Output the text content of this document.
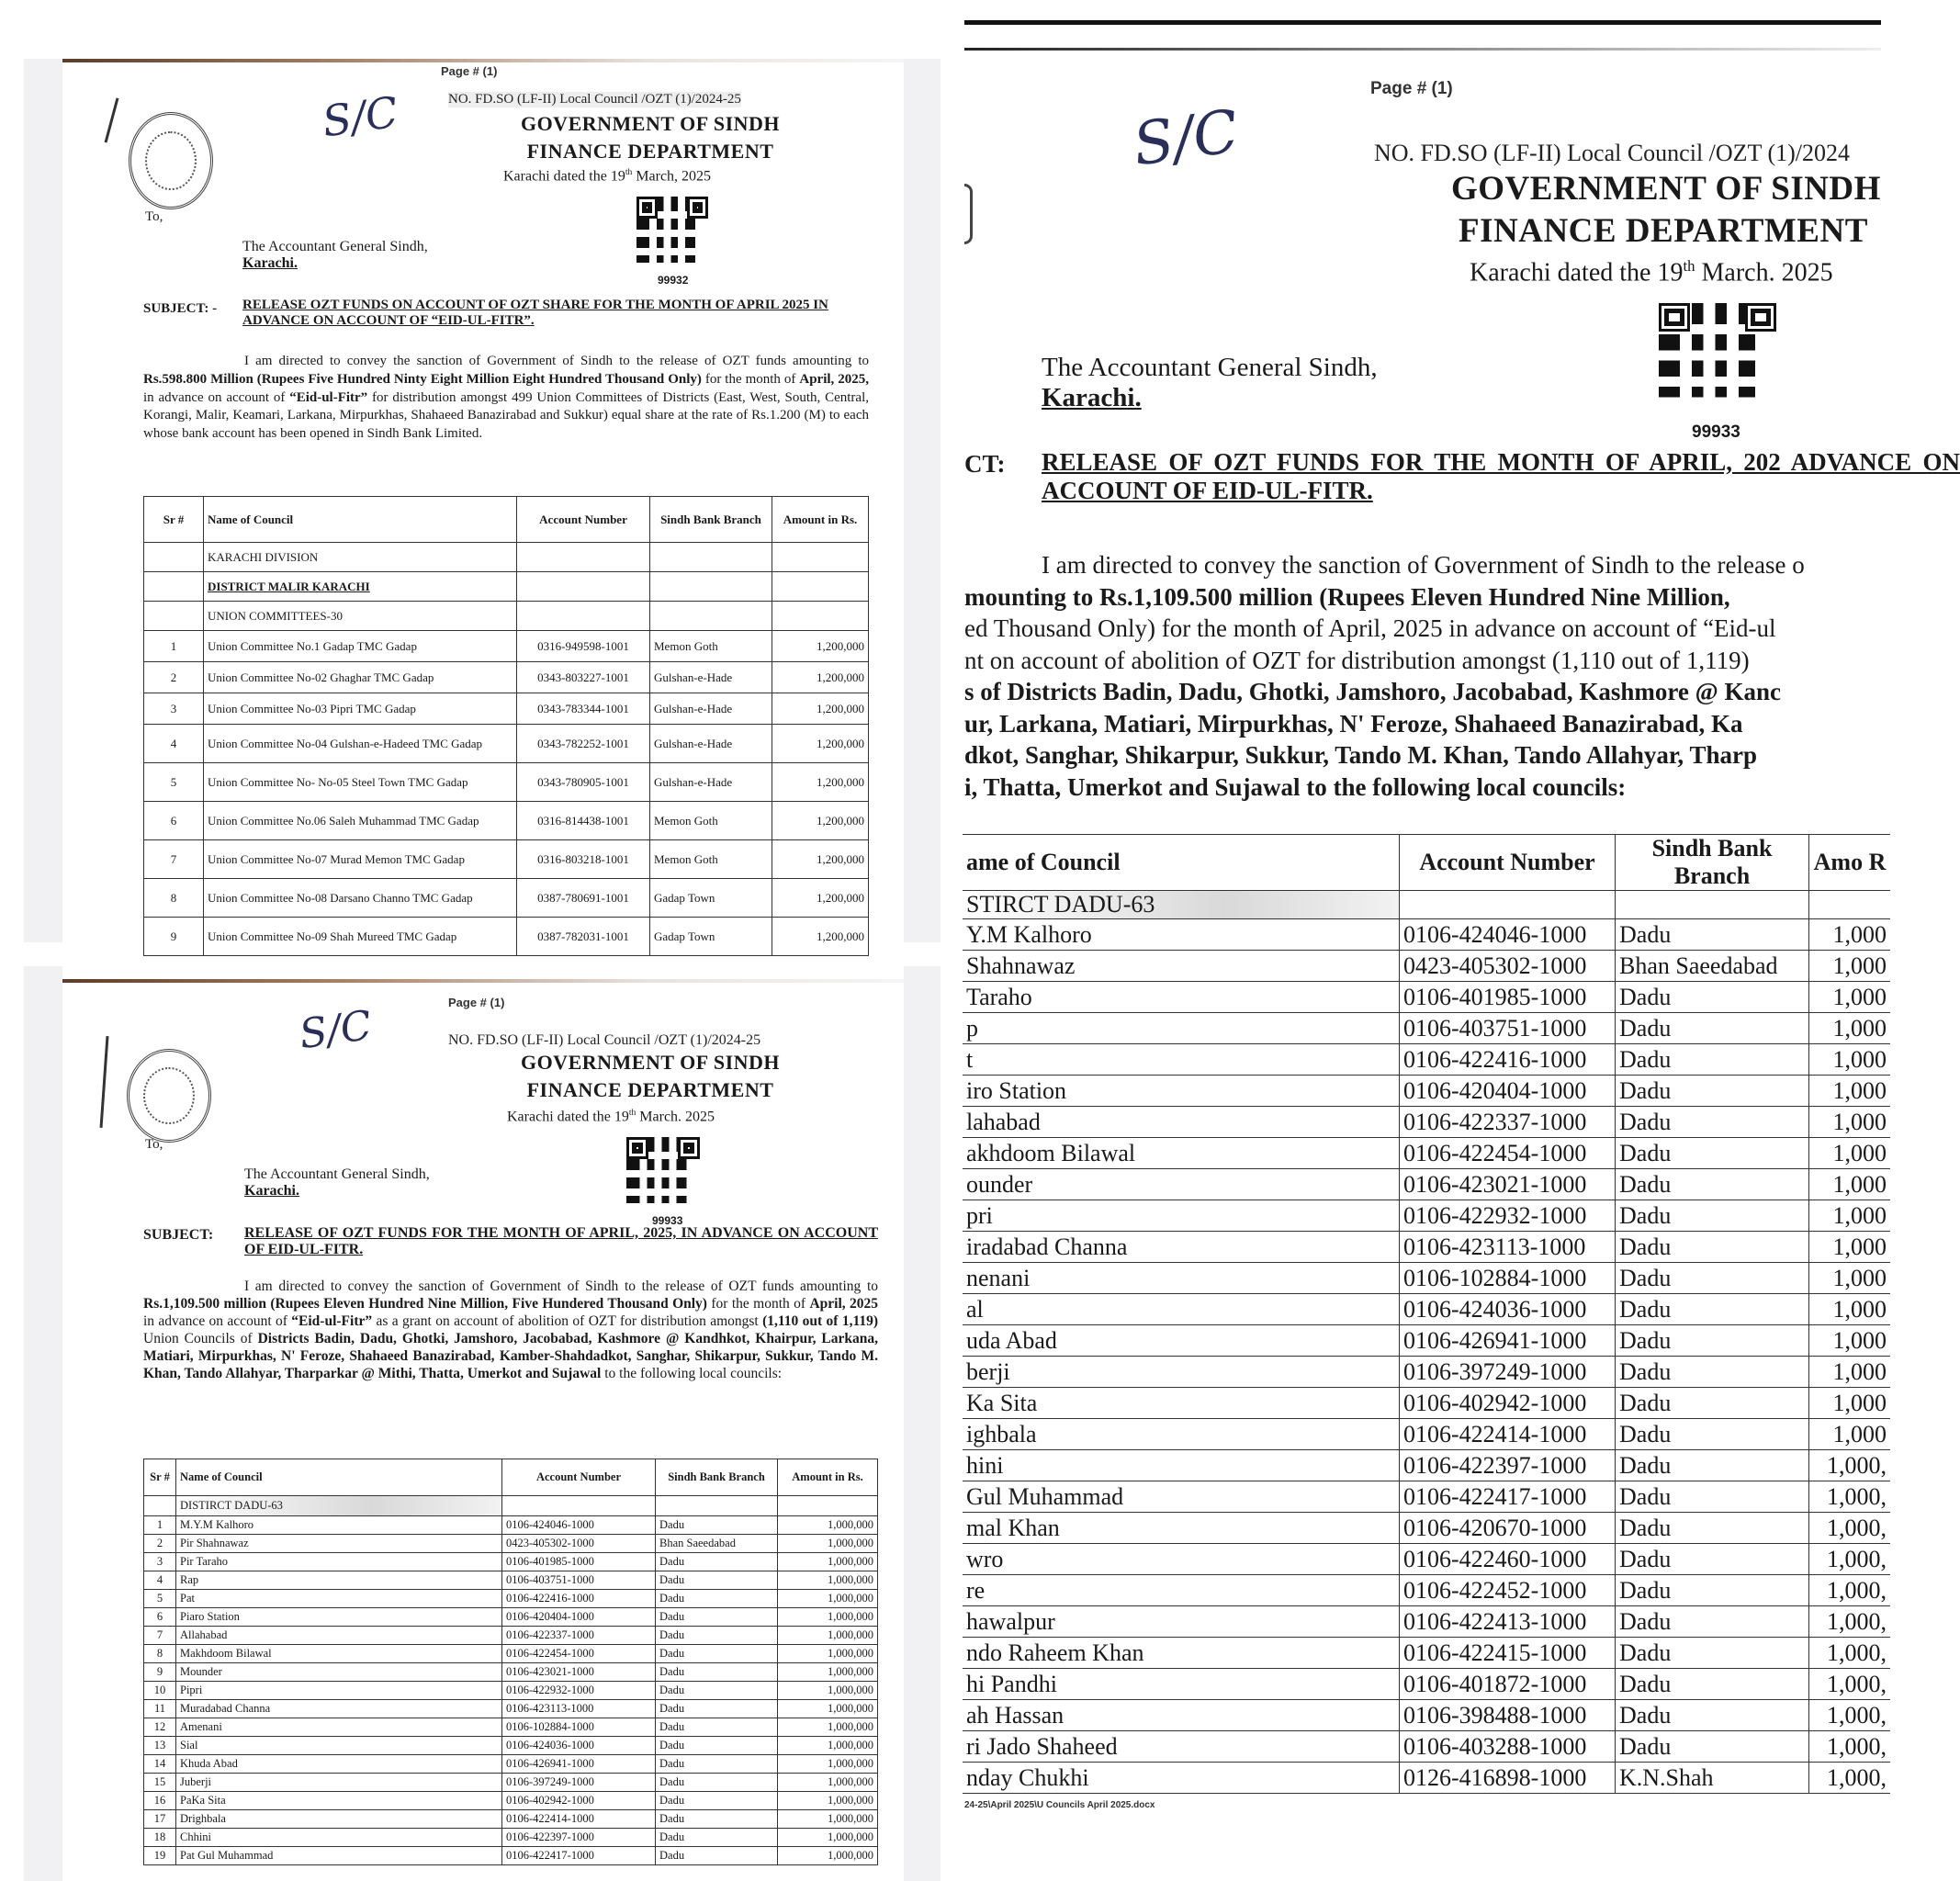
Page # (1)
S/C	NO. FD.SO (LF-II) Local Council /OZT (1)/2024-25
GOVERNMENT OF SINDH
FINANCE DEPARTMENT
Karachi dated the 19th March, 2025
To,
99932
The Accountant General Sindh,
Karachi.
SUBJECT: - RELEASE OZT FUNDS ON ACCOUNT OF OZT SHARE FOR THE MONTH OF APRIL 2025 IN ADVANCE ON ACCOUNT OF “EID-UL-FITR”.
I am directed to convey the sanction of Government of Sindh to the release of OZT funds amounting to Rs.598.800 Million (Rupees Five Hundred Ninty Eight Million Eight Hundred Thousand Only) for the month of April, 2025, in advance on account of “Eid-ul-Fitr” for distribution amongst 499 Union Committees of Districts (East, West, South, Central, Korangi, Malir, Keamari, Larkana, Mirpurkhas, Shahaeed Banazirabad and Sukkur) equal share at the rate of Rs.1.200 (M) to each whose bank account has been opened in Sindh Bank Limited.
Sr #	Name of Council	Account Number	Sindh Bank Branch	Amount in Rs.
	KARACHI DIVISION			
	DISTRICT MALIR KARACHI			
	UNION COMMITTEES-30			
1	Union Committee No.1 Gadap TMC Gadap	0316-949598-1001	Memon Goth	1,200,000
2	Union Committee No-02 Ghaghar TMC Gadap	0343-803227-1001	Gulshan-e-Hade	1,200,000
3	Union Committee No-03 Pipri TMC Gadap	0343-783344-1001	Gulshan-e-Hade	1,200,000
4	Union Committee No-04 Gulshan-e-Hadeed TMC Gadap	0343-782252-1001	Gulshan-e-Hade	1,200,000
5	Union Committee No- No-05 Steel Town TMC Gadap	0343-780905-1001	Gulshan-e-Hade	1,200,000
6	Union Committee No.06 Saleh Muhammad TMC Gadap	0316-814438-1001	Memon Goth	1,200,000
7	Union Committee No-07 Murad Memon TMC Gadap	0316-803218-1001	Memon Goth	1,200,000
8	Union Committee No-08 Darsano Channo TMC Gadap	0387-780691-1001	Gadap Town	1,200,000
9	Union Committee No-09 Shah Mureed TMC Gadap	0387-782031-1001	Gadap Town	1,200,000
Page # (1)
S/C	NO. FD.SO (LF-II) Local Council /OZT (1)/2024-25
GOVERNMENT OF SINDH
FINANCE DEPARTMENT
Karachi dated the 19th March. 2025
To,
99933
The Accountant General Sindh,
Karachi.
SUBJECT: RELEASE OF OZT FUNDS FOR THE MONTH OF APRIL, 2025, IN ADVANCE ON ACCOUNT OF EID-UL-FITR.
I am directed to convey the sanction of Government of Sindh to the release of OZT funds amounting to Rs.1,109.500 million (Rupees Eleven Hundred Nine Million, Five Hundered Thousand Only) for the month of April, 2025 in advance on account of “Eid-ul-Fitr” as a grant on account of abolition of OZT for distribution amongst (1,110 out of 1,119) Union Councils of Districts Badin, Dadu, Ghotki, Jamshoro, Jacobabad, Kashmore @ Kandhkot, Khairpur, Larkana, Matiari, Mirpurkhas, N' Feroze, Shahaeed Banazirabad, Kamber-Shahdadkot, Sanghar, Shikarpur, Sukkur, Tando M. Khan, Tando Allahyar, Tharparkar @ Mithi, Thatta, Umerkot and Sujawal to the following local councils:
Sr #	Name of Council	Account Number	Sindh Bank Branch	Amount in Rs.
	DISTIRCT DADU-63			
1	M.Y.M Kalhoro	0106-424046-1000	Dadu	1,000,000
2	Pir Shahnawaz	0423-405302-1000	Bhan Saeedabad	1,000,000
3	Pir Taraho	0106-401985-1000	Dadu	1,000,000
4	Rap	0106-403751-1000	Dadu	1,000,000
5	Pat	0106-422416-1000	Dadu	1,000,000
6	Piaro Station	0106-420404-1000	Dadu	1,000,000
7	Allahabad	0106-422337-1000	Dadu	1,000,000
8	Makhdoom Bilawal	0106-422454-1000	Dadu	1,000,000
9	Mounder	0106-423021-1000	Dadu	1,000,000
10	Pipri	0106-422932-1000	Dadu	1,000,000
11	Muradabad Channa	0106-423113-1000	Dadu	1,000,000
12	Amenani	0106-102884-1000	Dadu	1,000,000
13	Sial	0106-424036-1000	Dadu	1,000,000
14	Khuda Abad	0106-426941-1000	Dadu	1,000,000
15	Juberji	0106-397249-1000	Dadu	1,000,000
16	PaKa Sita	0106-402942-1000	Dadu	1,000,000
17	Drighbala	0106-422414-1000	Dadu	1,000,000
18	Chhini	0106-422397-1000	Dadu	1,000,000
19	Pat Gul Muhammad	0106-422417-1000	Dadu	1,000,000
Page # (1)
S/C	NO. FD.SO (LF-II) Local Council /OZT (1)/2024
GOVERNMENT OF SINDH
FINANCE DEPARTMENT
Karachi dated the 19th March. 2025
99933
The Accountant General Sindh,
Karachi.
CT: RELEASE OF OZT FUNDS FOR THE MONTH OF APRIL, 202 ADVANCE ON ACCOUNT OF EID-UL-FITR.
I am directed to convey the sanction of Government of Sindh to the release o
mounting to Rs.1,109.500 million (Rupees Eleven Hundred Nine Million,
ed Thousand Only) for the month of April, 2025 in advance on account of “Eid-ul
nt on account of abolition of OZT for distribution amongst (1,110 out of 1,119)
s of Districts Badin, Dadu, Ghotki, Jamshoro, Jacobabad, Kashmore @ Kanc
ur, Larkana, Matiari, Mirpurkhas, N' Feroze, Shahaeed Banazirabad, Ka
dkot, Sanghar, Shikarpur, Sukkur, Tando M. Khan, Tando Allahyar, Tharp
i, Thatta, Umerkot and Sujawal to the following local councils:
ame of Council	Account Number	Sindh Bank Branch	Amo R
STIRCT DADU-63			
Y.M Kalhoro	0106-424046-1000	Dadu	1,000
Shahnawaz	0423-405302-1000	Bhan Saeedabad	1,000
Taraho	0106-401985-1000	Dadu	1,000
p	0106-403751-1000	Dadu	1,000
t	0106-422416-1000	Dadu	1,000
iro Station	0106-420404-1000	Dadu	1,000
lahabad	0106-422337-1000	Dadu	1,000
akhdoom Bilawal	0106-422454-1000	Dadu	1,000
ounder	0106-423021-1000	Dadu	1,000
pri	0106-422932-1000	Dadu	1,000
iradabad Channa	0106-423113-1000	Dadu	1,000
nenani	0106-102884-1000	Dadu	1,000
al	0106-424036-1000	Dadu	1,000
uda Abad	0106-426941-1000	Dadu	1,000
berji	0106-397249-1000	Dadu	1,000
Ka Sita	0106-402942-1000	Dadu	1,000
ighbala	0106-422414-1000	Dadu	1,000
hini	0106-422397-1000	Dadu	1,000,
Gul Muhammad	0106-422417-1000	Dadu	1,000,
mal Khan	0106-420670-1000	Dadu	1,000,
wro	0106-422460-1000	Dadu	1,000,
re	0106-422452-1000	Dadu	1,000,
hawalpur	0106-422413-1000	Dadu	1,000,
ndo Raheem Khan	0106-422415-1000	Dadu	1,000,
hi Pandhi	0106-401872-1000	Dadu	1,000,
ah Hassan	0106-398488-1000	Dadu	1,000,
ri Jado Shaheed	0106-403288-1000	Dadu	1,000,
nday Chukhi	0126-416898-1000	K.N.Shah	1,000,
24-25\April 2025\U Councils April 2025.docx
